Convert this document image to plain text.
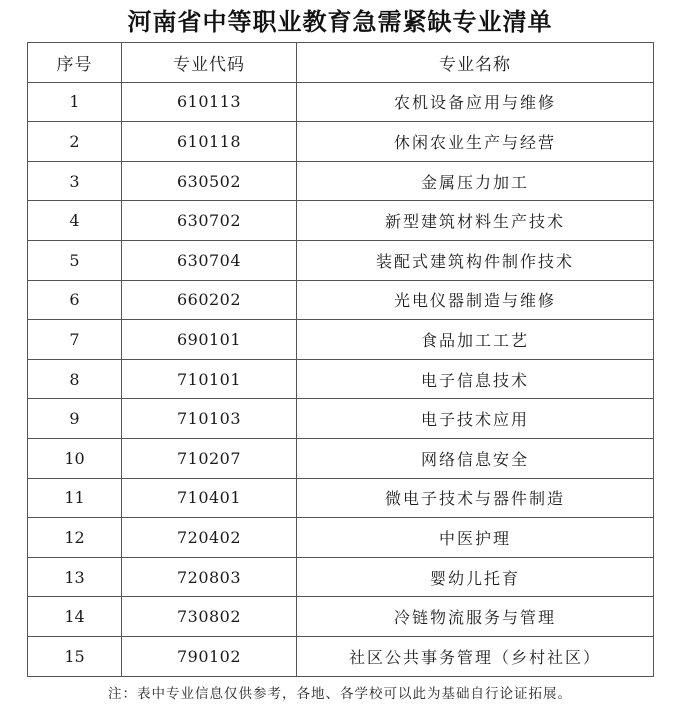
河南省中等职业教育急需紧缺专业清单
序号	专业代码	专业名称
1	610113	农机设备应用与维修
2	610118	休闲农业生产与经营
3	630502	金属压力加工
4	630702	新型建筑材料生产技术
5	630704	装配式建筑构件制作技术
6	660202	光电仪器制造与维修
7	690101	食品加工工艺
8	710101	电子信息技术
9	710103	电子技术应用
10	710207	网络信息安全
11	710401	微电子技术与器件制造
12	720402	中医护理
13	720803	婴幼儿托育
14	730802	冷链物流服务与管理
15	790102	社区公共事务管理（乡村社区）
注：表中专业信息仅供参考，各地、各学校可以此为基础自行论证拓展。
